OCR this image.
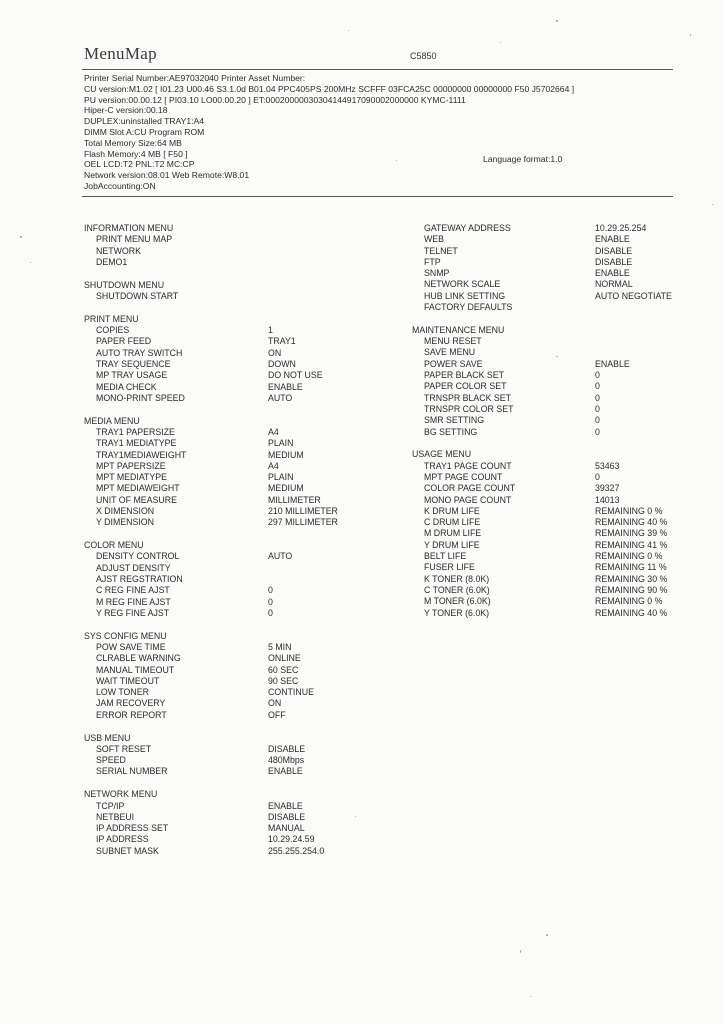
MenuMap	C5850
Printer Serial Number:AE97032040 Printer Asset Number:
CU version:M1.02 [ I01.23 U00.46 S3.1.0d B01.04 PPC405PS 200MHz SCFFF 03FCA25C 00000000 00000000 F50 J5702664 ]
PU version:00.00.12 [ PI03.10 LO00.00.20 ] ET:00020000030304144917090002000000 KYMC-1111
Hiper-C version:00.18
DUPLEX:uninstalled TRAY1:A4
DIMM Slot A:CU Program ROM
Total Memory Size:64 MB
Flash Memory:4 MB [ F50 ]
OEL LCD:T2 PNL:T2 MC:CP
Network version:08.01 Web Remote:W8.01
JobAccounting:ON
Language format:1.0
INFORMATION MENU
PRINT MENU MAP
NETWORK
DEMO1
SHUTDOWN MENU
SHUTDOWN START
PRINT MENU
COPIES	1
PAPER FEED	TRAY1
AUTO TRAY SWITCH	ON
TRAY SEQUENCE	DOWN
MP TRAY USAGE	DO NOT USE
MEDIA CHECK	ENABLE
MONO-PRINT SPEED	AUTO
MEDIA MENU
TRAY1 PAPERSIZE	A4
TRAY1 MEDIATYPE	PLAIN
TRAY1MEDIAWEIGHT	MEDIUM
MPT PAPERSIZE	A4
MPT MEDIATYPE	PLAIN
MPT MEDIAWEIGHT	MEDIUM
UNIT OF MEASURE	MILLIMETER
X DIMENSION	210 MILLIMETER
Y DIMENSION	297 MILLIMETER
COLOR MENU
DENSITY CONTROL	AUTO
ADJUST DENSITY
AJST REGSTRATION
C REG FINE AJST	0
M REG FINE AJST	0
Y REG FINE AJST	0
SYS CONFIG MENU
POW SAVE TIME	5 MIN
CLRABLE WARNING	ONLINE
MANUAL TIMEOUT	60 SEC
WAIT TIMEOUT	90 SEC
LOW TONER	CONTINUE
JAM RECOVERY	ON
ERROR REPORT	OFF
USB MENU
SOFT RESET	DISABLE
SPEED	480Mbps
SERIAL NUMBER	ENABLE
NETWORK MENU
TCP/IP	ENABLE
NETBEUI	DISABLE
IP ADDRESS SET	MANUAL
IP ADDRESS	10.29.24.59
SUBNET MASK	255.255.254.0
GATEWAY ADDRESS	10.29.25.254
WEB	ENABLE
TELNET	DISABLE
FTP	DISABLE
SNMP	ENABLE
NETWORK SCALE	NORMAL
HUB LINK SETTING	AUTO NEGOTIATE
FACTORY DEFAULTS
MAINTENANCE MENU
MENU RESET
SAVE MENU
POWER SAVE	ENABLE
PAPER BLACK SET	0
PAPER COLOR SET	0
TRNSPR BLACK SET	0
TRNSPR COLOR SET	0
SMR SETTING	0
BG SETTING	0
USAGE MENU
TRAY1 PAGE COUNT	53463
MPT PAGE COUNT	0
COLOR PAGE COUNT	39327
MONO PAGE COUNT	14013
K DRUM LIFE	REMAINING 0 %
C DRUM LIFE	REMAINING 40 %
M DRUM LIFE	REMAINING 39 %
Y DRUM LIFE	REMAINING 41 %
BELT LIFE	REMAINING 0 %
FUSER LIFE	REMAINING 11 %
K TONER (8.0K)	REMAINING 30 %
C TONER (6.0K)	REMAINING 90 %
M TONER (6.0K)	REMAINING 0 %
Y TONER (6.0K)	REMAINING 40 %
